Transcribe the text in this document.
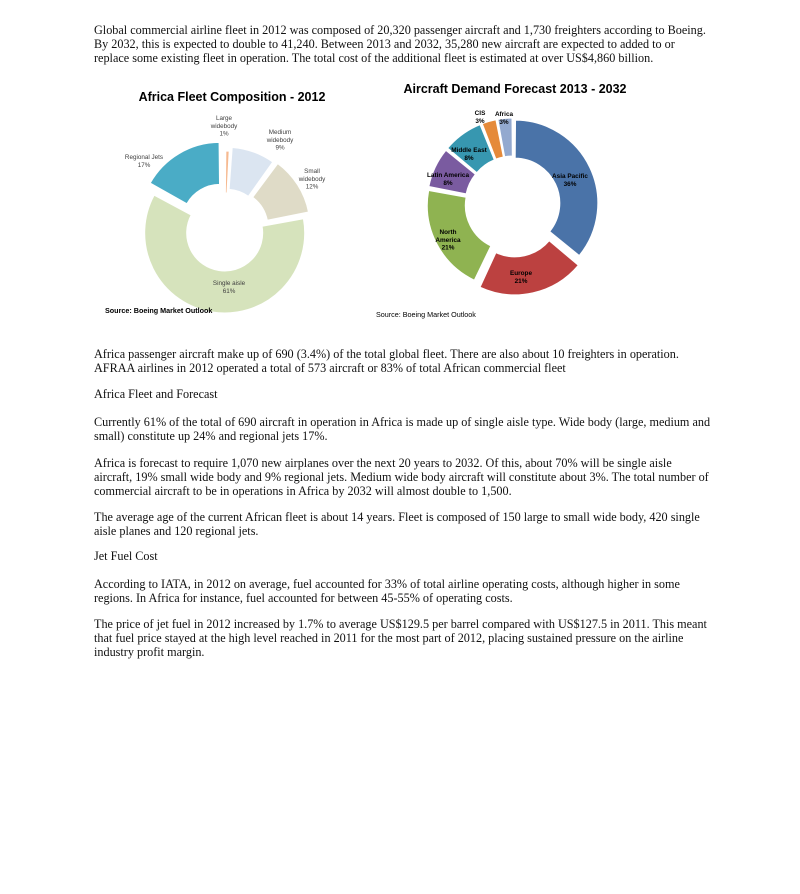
Global commercial airline fleet in 2012 was composed of 20,320 passenger aircraft and 1,730 freighters according to Boeing. By 2032, this is expected to double to 41,240. Between 2013 and 2032, 35,280 new aircraft are expected to added to or replace some existing fleet in operation. The total cost of the additional fleet is estimated at over US$4,860 billion.

Africa Fleet Composition - 2012
Large widebody 1%	Medium widebody 9%
Small widebody 12%
Single aisle 61%
Regional Jets 17%
Source: Boeing Market Outlook
Aircraft Demand Forecast 2013 - 2032
Asia Pacific 36%
Europe 21%
North America 21%
Latin America 8%
Middle East 8%
CIS 3%
Africa 3%
Source: Boeing Market Outlook

Africa passenger aircraft make up of 690 (3.4%) of the total global fleet. There are also about 10 freighters in operation. AFRAA airlines in 2012 operated a total of 573 aircraft or 83% of total African commercial fleet

Africa Fleet and Forecast

Currently 61% of the total of 690 aircraft in operation in Africa is made up of single aisle type. Wide body (large, medium and small) constitute up 24% and regional jets 17%.

Africa is forecast to require 1,070 new airplanes over the next 20 years to 2032. Of this, about 70% will be single aisle aircraft, 19% small wide body and 9% regional jets. Medium wide body aircraft will constitute about 3%. The total number of commercial aircraft to be in operations in Africa by 2032 will almost double to 1,500.

The average age of the current African fleet is about 14 years. Fleet is composed of 150 large to small wide body, 420 single aisle planes and 120 regional jets.

Jet Fuel Cost

According to IATA, in 2012 on average, fuel accounted for 33% of total airline operating costs, although higher in some regions. In Africa for instance, fuel accounted for between 45-55% of operating costs.

The price of jet fuel in 2012 increased by 1.7% to average US$129.5 per barrel compared with US$127.5 in 2011. This meant that fuel price stayed at the high level reached in 2011 for the most part of 2012, placing sustained pressure on the airline industry profit margin.
